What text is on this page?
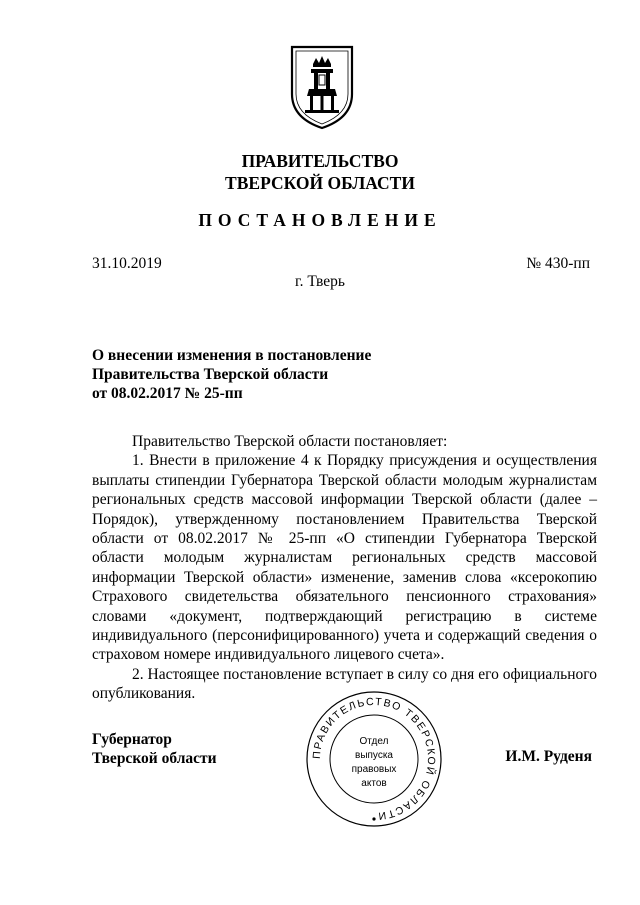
ПРАВИТЕЛЬСТВО
ТВЕРСКОЙ ОБЛАСТИ
ПОСТАНОВЛЕНИЕ
31.10.2019	№ 430-пп
г. Тверь
О внесении изменения в постановление
Правительства Тверской области
от 08.02.2017 № 25-пп

Правительство Тверской области постановляет:

1. Внести в приложение 4 к Порядку присуждения и осуществления выплаты стипендии Губернатора Тверской области молодым журналистам региональных средств массовой информации Тверской области (далее – Порядок), утвержденному постановлением Правительства Тверской области от 08.02.2017 № 25-пп «О стипендии Губернатора Тверской области молодым журналистам региональных средств массовой информации Тверской области» изменение, заменив слова «ксерокопию Страхового свидетельства обязательного пенсионного страхования» словами «документ, подтверждающий регистрацию в системе индивидуального (персонифицированного) учета и содержащий сведения о страховом номере индивидуального лицевого счета».

2. Настоящее постановление вступает в силу со дня его официального опубликования.

Губернатор
Тверской области	И.М. Руденя
ПРАВИТЕЛЬСТВО ТВЕРСКОЙ ОБЛАСТИ
Отдел
выпуска
правовых
актов
